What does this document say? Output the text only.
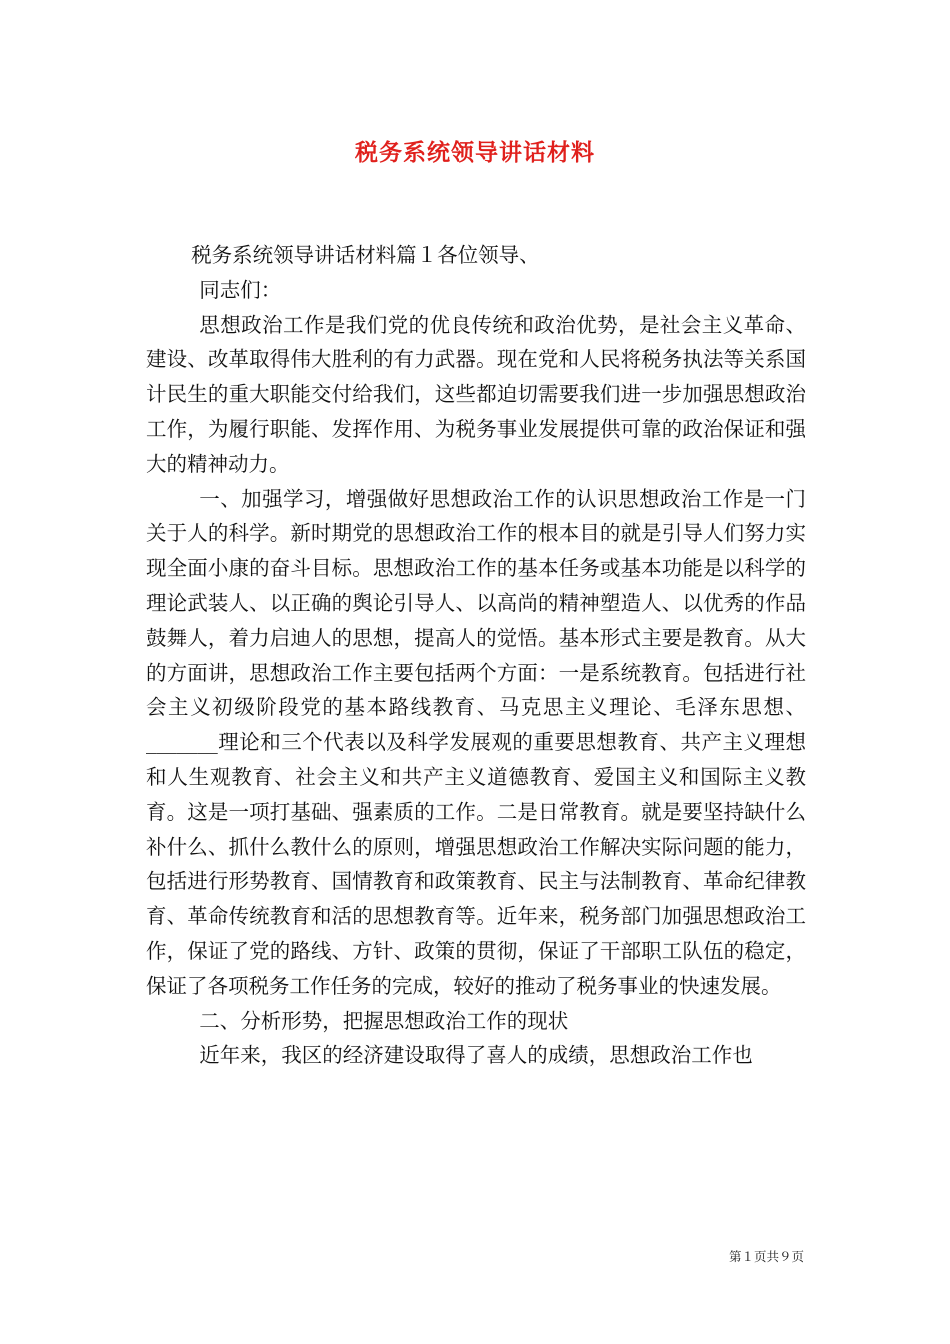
税务系统领导讲话材料

税务系统领导讲话材料篇１各位领导、

同志们：

思想政治工作是我们党的优良传统和政治优势，是社会主义革命、建设、改革取得伟大胜利的有力武器。现在党和人民将税务执法等关系国计民生的重大职能交付给我们，这些都迫切需要我们进一步加强思想政治工作，为履行职能、发挥作用、为税务事业发展提供可靠的政治保证和强大的精神动力。

一、加强学习，增强做好思想政治工作的认识思想政治工作是一门关于人的科学。新时期党的思想政治工作的根本目的就是引导人们努力实现全面小康的奋斗目标。思想政治工作的基本任务或基本功能是以科学的理论武装人、以正确的舆论引导人、以高尚的精神塑造人、以优秀的作品鼓舞人，着力启迪人的思想，提高人的觉悟。基本形式主要是教育。从大的方面讲，思想政治工作主要包括两个方面：一是系统教育。包括进行社会主义初级阶段党的基本路线教育、马克思主义理论、毛泽东思想、_______理论和三个代表以及科学发展观的重要思想教育、共产主义理想和人生观教育、社会主义和共产主义道德教育、爱国主义和国际主义教育。这是一项打基础、强素质的工作。二是日常教育。就是要坚持缺什么补什么、抓什么教什么的原则，增强思想政治工作解决实际问题的能力，包括进行形势教育、国情教育和政策教育、民主与法制教育、革命纪律教育、革命传统教育和活的思想教育等。近年来，税务部门加强思想政治工作，保证了党的路线、方针、政策的贯彻，保证了干部职工队伍的稳定，保证了各项税务工作任务的完成，较好的推动了税务事业的快速发展。

二、分析形势，把握思想政治工作的现状

近年来，我区的经济建设取得了喜人的成绩，思想政治工作也

第１页共９页
